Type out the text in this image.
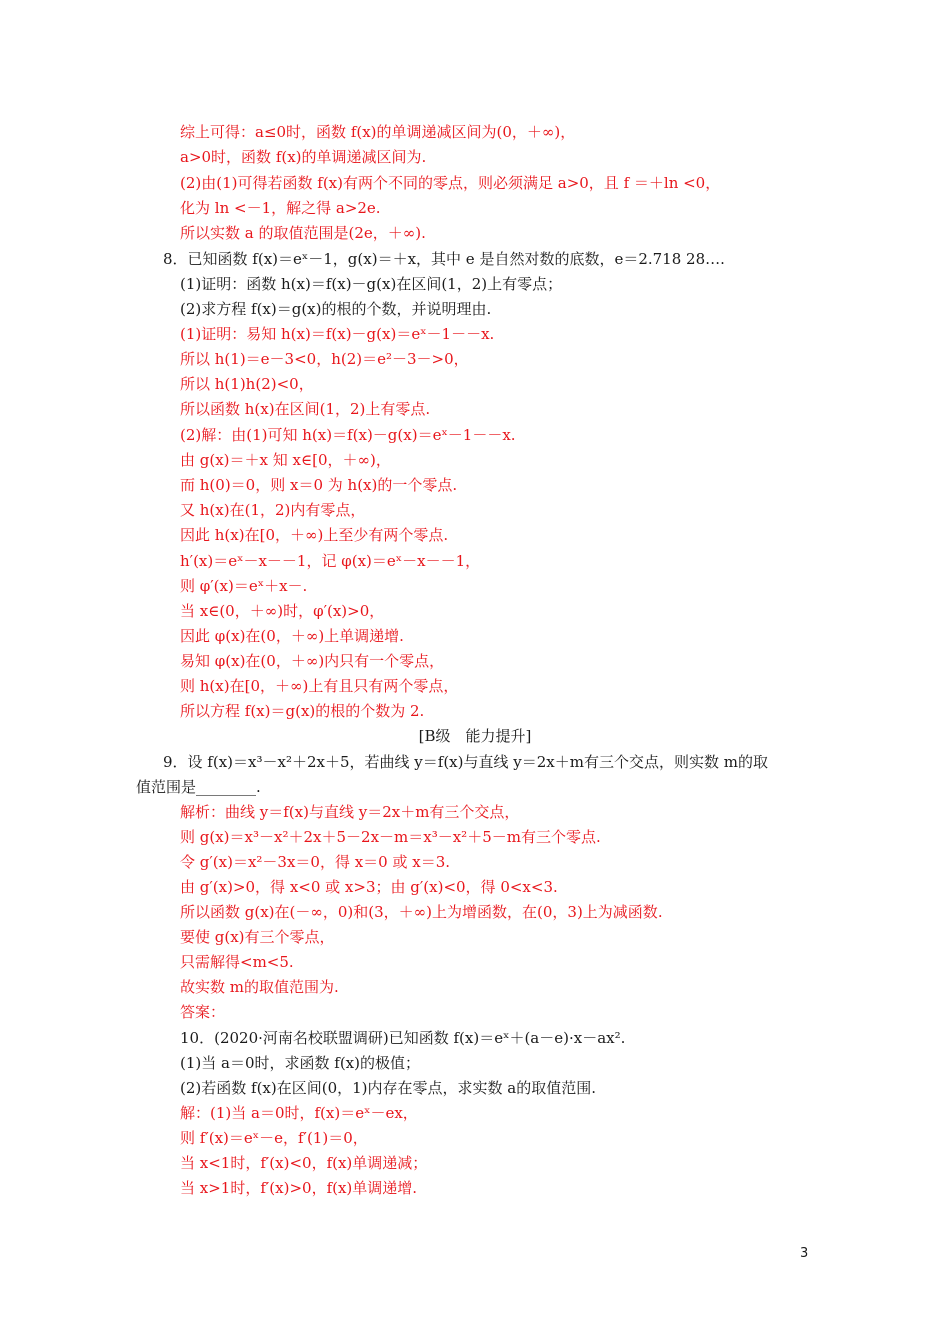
综上可得：a≤0时，函数 f(x)的单调递减区间为(0，＋∞)，
a>0时，函数 f(x)的单调递减区间为.
(2)由(1)可得若函数 f(x)有两个不同的零点，则必须满足 a>0，且 f ＝＋ln <0，
化为 ln <－1，解之得 a>2e.
所以实数 a 的取值范围是(2e，＋∞).
8．已知函数 f(x)＝eˣ－1，g(x)＝＋x，其中 e 是自然对数的底数，e＝2.718 28….
(1)证明：函数 h(x)＝f(x)－g(x)在区间(1，2)上有零点；
(2)求方程 f(x)＝g(x)的根的个数，并说明理由.
(1)证明：易知 h(x)＝f(x)－g(x)＝eˣ－1－－x.
所以 h(1)＝e－3<0，h(2)＝e²－3－>0，
所以 h(1)h(2)<0，
所以函数 h(x)在区间(1，2)上有零点.
(2)解：由(1)可知 h(x)＝f(x)－g(x)＝eˣ－1－－x.
由 g(x)＝＋x 知 x∈[0，＋∞)，
而 h(0)＝0，则 x＝0 为 h(x)的一个零点.
又 h(x)在(1，2)内有零点，
因此 h(x)在[0，＋∞)上至少有两个零点.
h′(x)＝eˣ－x－－1，记 φ(x)＝eˣ－x－－1，
则 φ′(x)＝eˣ＋x－.
当 x∈(0，＋∞)时，φ′(x)>0，
因此 φ(x)在(0，＋∞)上单调递增.
易知 φ(x)在(0，＋∞)内只有一个零点，
则 h(x)在[0，＋∞)上有且只有两个零点，
所以方程 f(x)＝g(x)的根的个数为 2.
[B级　能力提升]
9．设 f(x)＝x³－x²＋2x＋5，若曲线 y＝f(x)与直线 y＝2x＋m有三个交点，则实数 m的取
值范围是________.
解析：曲线 y＝f(x)与直线 y＝2x＋m有三个交点，
则 g(x)＝x³－x²＋2x＋5－2x－m＝x³－x²＋5－m有三个零点.
令 g′(x)＝x²－3x＝0，得 x＝0 或 x＝3.
由 g′(x)>0，得 x<0 或 x>3；由 g′(x)<0，得 0<x<3.
所以函数 g(x)在(－∞，0)和(3，＋∞)上为增函数，在(0，3)上为减函数.
要使 g(x)有三个零点，
只需解得<m<5.
故实数 m的取值范围为.
答案：
10．(2020·河南名校联盟调研)已知函数 f(x)＝eˣ＋(a－e)·x－ax².
(1)当 a＝0时，求函数 f(x)的极值；
(2)若函数 f(x)在区间(0，1)内存在零点，求实数 a的取值范围.
解：(1)当 a＝0时，f(x)＝eˣ－ex，
则 f′(x)＝eˣ－e，f′(1)＝0，
当 x<1时，f′(x)<0，f(x)单调递减；
当 x>1时，f′(x)>0，f(x)单调递增.
3
